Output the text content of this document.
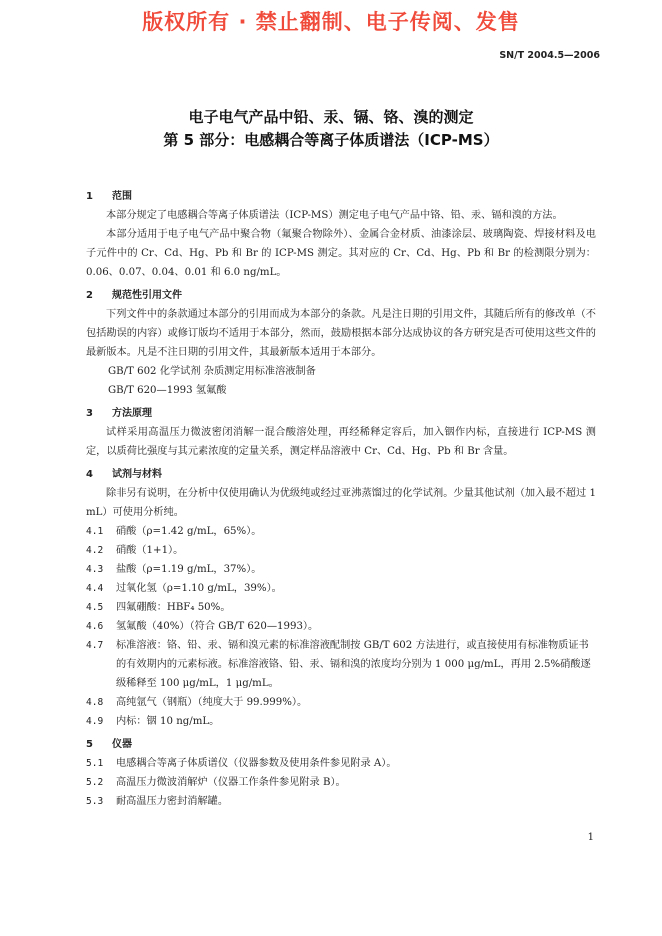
版权所有 · 禁止翻制、电子传阅、发售
SN/T 2004.5—2006
电子电气产品中铅、汞、镉、铬、溴的测定
第 5 部分：电感耦合等离子体质谱法（ICP-MS）
1 范围
本部分规定了电感耦合等离子体质谱法（ICP-MS）测定电子电气产品中铬、铅、汞、镉和溴的方法。
本部分适用于电子电气产品中聚合物（氟聚合物除外）、金属合金材质、油漆涂层、玻璃陶瓷、焊接材料及电子元件中的 Cr、Cd、Hg、Pb 和 Br 的 ICP-MS 测定。其对应的 Cr、Cd、Hg、Pb 和 Br 的检测限分别为：0.06、0.07、0.04、0.01 和 6.0 ng/mL。
2 规范性引用文件
下列文件中的条款通过本部分的引用而成为本部分的条款。凡是注日期的引用文件，其随后所有的修改单（不包括勘误的内容）或修订版均不适用于本部分，然而，鼓励根据本部分达成协议的各方研究是否可使用这些文件的最新版本。凡是不注日期的引用文件，其最新版本适用于本部分。
GB/T 602 化学试剂 杂质测定用标准溶液制备
GB/T 620—1993 氢氟酸
3 方法原理
试样采用高温压力微波密闭消解一混合酸溶处理，再经稀释定容后，加入铟作内标，直接进行 ICP-MS 测定，以质荷比强度与其元素浓度的定量关系，测定样品溶液中 Cr、Cd、Hg、Pb 和 Br 含量。
4 试剂与材料
除非另有说明，在分析中仅使用确认为优级纯或经过亚沸蒸馏过的化学试剂。少量其他试剂（加入最不超过 1 mL）可使用分析纯。
4.1 硝酸（ρ=1.42 g/mL，65%）。
4.2 硝酸（1+1）。
4.3 盐酸（ρ=1.19 g/mL，37%）。
4.4 过氧化氢（ρ=1.10 g/mL，39%）。
4.5 四氟硼酸：HBF₄ 50%。
4.6 氢氟酸（40%）（符合 GB/T 620—1993）。
4.7 标准溶液：铬、铅、汞、镉和溴元素的标准溶液配制按 GB/T 602 方法进行，或直接使用有标准物质证书的有效期内的元素标液。标准溶液铬、铅、汞、镉和溴的浓度均分别为 1 000 μg/mL，再用 2.5%硝酸逐级稀释至 100 μg/mL，1 μg/mL。
4.8 高纯氩气（钢瓶）（纯度大于 99.999%）。
4.9 内标：铟 10 ng/mL。
5 仪器
5.1 电感耦合等离子体质谱仪（仪器参数及使用条件参见附录 A）。
5.2 高温压力微波消解炉（仪器工作条件参见附录 B）。
5.3 耐高温压力密封消解罐。
1
